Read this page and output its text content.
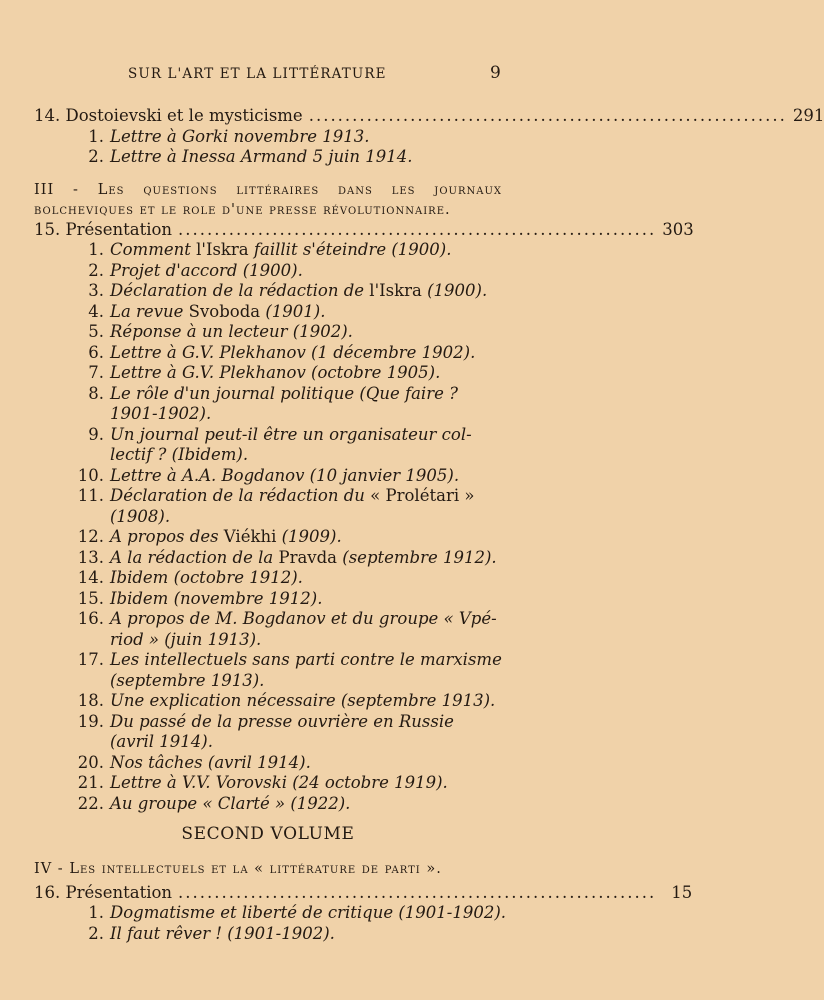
SUR L'ART ET LA LITTÉRATURE	9
14. Dostoievski et le mysticisme .................................................................. 291
1. Lettre à Gorki novembre 1913.
2. Lettre à Inessa Armand 5 juin 1914.
III - Les questions littéraires dans les journaux bolcheviques et le role d'une presse révolutionnaire.
15. Présentation .................................................................. 303
1. Comment l'Iskra faillit s'éteindre (1900).
2. Projet d'accord (1900).
3. Déclaration de la rédaction de l'Iskra (1900).
4. La revue Svoboda (1901).
5. Réponse à un lecteur (1902).
6. Lettre à G.V. Plekhanov (1 décembre 1902).
7. Lettre à G.V. Plekhanov (octobre 1905).
8. Le rôle d'un journal politique (Que faire ?
1901-1902).
9. Un journal peut-il être un organisateur col-
lectif ? (Ibidem).
10. Lettre à A.A. Bogdanov (10 janvier 1905).
11. Déclaration de la rédaction du « Prolétari »
(1908).
12. A propos des Viékhi (1909).
13. A la rédaction de la Pravda (septembre 1912).
14. Ibidem (octobre 1912).
15. Ibidem (novembre 1912).
16. A propos de M. Bogdanov et du groupe « Vpé-
riod » (juin 1913).
17. Les intellectuels sans parti contre le marxisme
(septembre 1913).
18. Une explication nécessaire (septembre 1913).
19. Du passé de la presse ouvrière en Russie
(avril 1914).
20. Nos tâches (avril 1914).
21. Lettre à V.V. Vorovski (24 octobre 1919).
22. Au groupe « Clarté » (1922).
SECOND VOLUME
IV - Les intellectuels et la « littérature de parti ».
16. Présentation .................................................................. 15
1. Dogmatisme et liberté de critique (1901-1902).
2. Il faut rêver ! (1901-1902).
